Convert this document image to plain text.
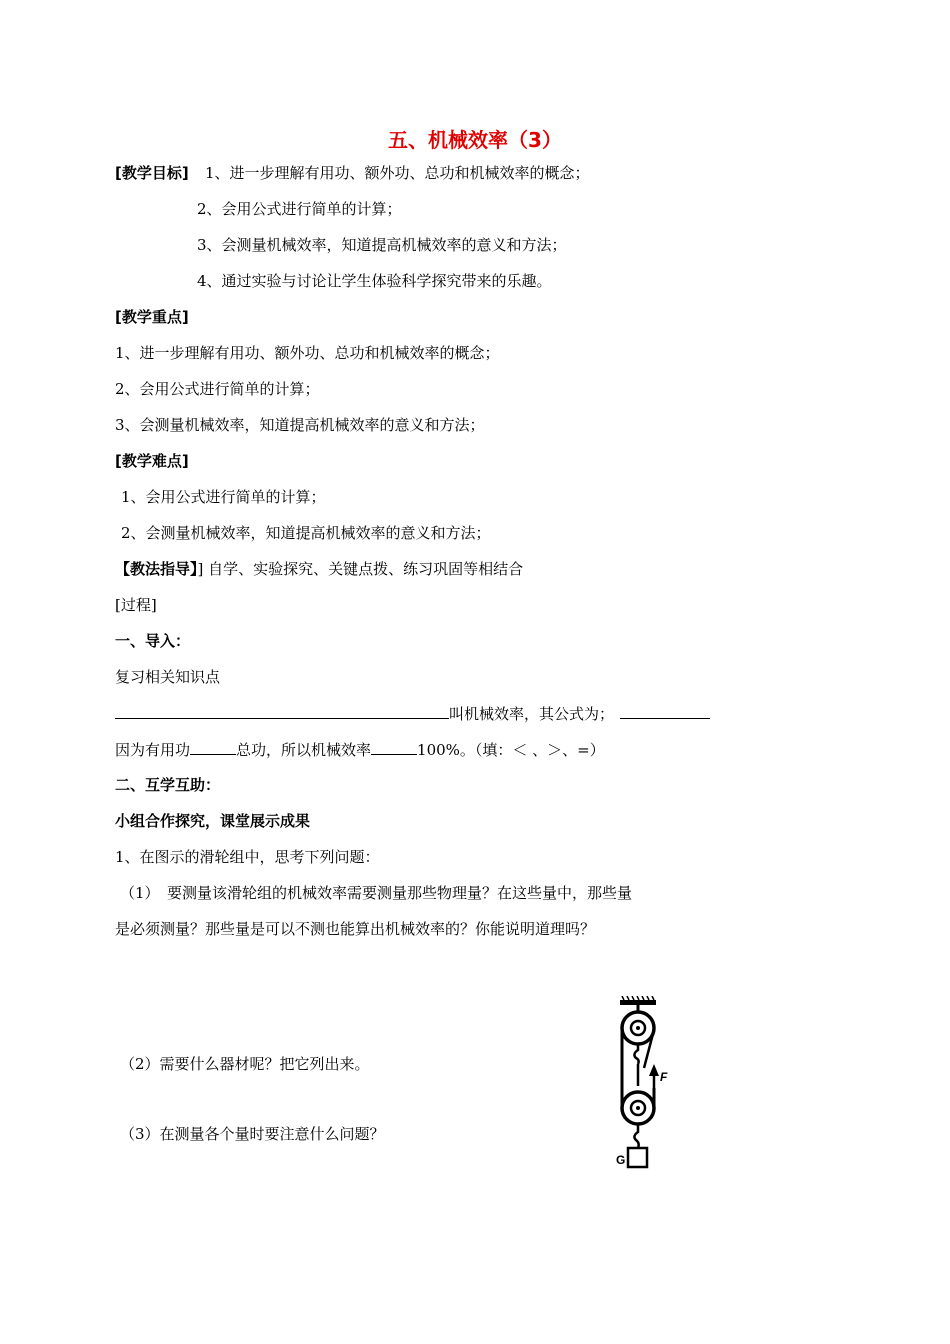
五、机械效率（3）
[教学目标] 1、进一步理解有用功、额外功、总功和机械效率的概念；
2、会用公式进行简单的计算；
3、会测量机械效率，知道提高机械效率的意义和方法；
4、通过实验与讨论让学生体验科学探究带来的乐趣。
[教学重点]
1、进一步理解有用功、额外功、总功和机械效率的概念；
2、会用公式进行简单的计算；
3、会测量机械效率，知道提高机械效率的意义和方法；
[教学难点]
1、会用公式进行简单的计算；
2、会测量机械效率，知道提高机械效率的意义和方法；
【教法指导】] 自学、实验探究、关键点拨、练习巩固等相结合
[过程]
一、导入：
复习相关知识点
叫机械效率，其公式为；
因为有用功	总功，所以机械效率	100%。（填：＜ 、＞、=）
二、互学互助：
小组合作探究，课堂展示成果
1、在图示的滑轮组中，思考下列问题：
（1）　要测量该滑轮组的机械效率需要测量那些物理量？在这些量中，那些量
是必须测量？那些量是可以不测也能算出机械效率的？你能说明道理吗？
（2）需要什么器材呢？把它列出来。
（3）在测量各个量时要注意什么问题？
F
G
